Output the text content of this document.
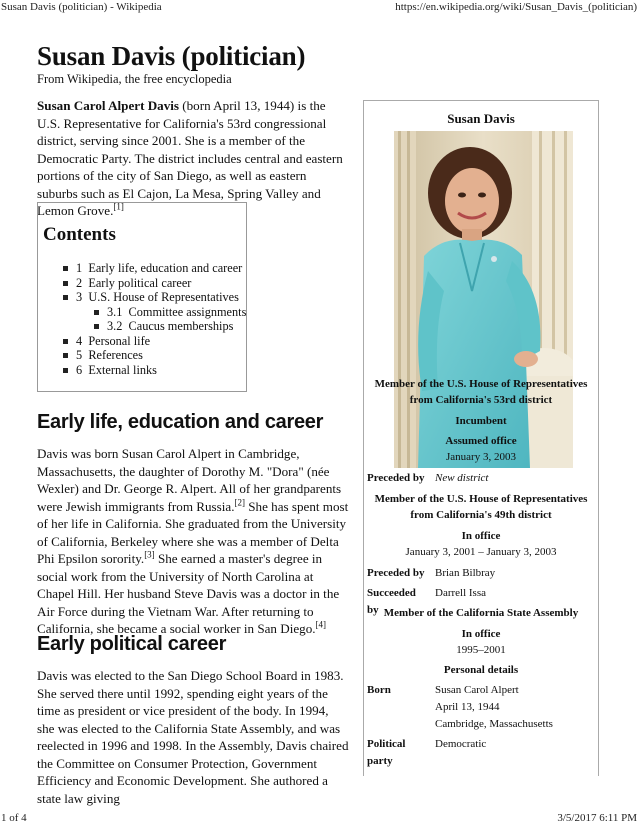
Susan Davis (politician) - Wikipedia	https://en.wikipedia.org/wiki/Susan_Davis_(politician)
1 of 4	3/5/2017 6:11 PM
Susan Davis (politician)
From Wikipedia, the free encyclopedia

Susan Carol Alpert Davis (born April 13, 1944) is the U.S. Representative for California's 53rd congressional district, serving since 2001. She is a member of the Democratic Party. The district includes central and eastern portions of the city of San Diego, as well as eastern suburbs such as El Cajon, La Mesa, Spring Valley and Lemon Grove.[1]

Contents
1 Early life, education and career
2 Early political career
3 U.S. House of Representatives
3.1 Committee assignments
3.2 Caucus memberships
4 Personal life
5 References
6 External links
Early life, education and career

Davis was born Susan Carol Alpert in Cambridge, Massachusetts, the daughter of Dorothy M. "Dora" (née Wexler) and Dr. George R. Alpert. All of her grandparents were Jewish immigrants from Russia.[2] She has spent most of her life in California. She graduated from the University of California, Berkeley where she was a member of Delta Phi Epsilon sorority.[3] She earned a master's degree in social work from the University of North Carolina at Chapel Hill. Her husband Steve Davis was a doctor in the Air Force during the Vietnam War. After returning to California, she became a social worker in San Diego.[4]

Early political career

Davis was elected to the San Diego School Board in 1983. She served there until 1992, spending eight years of the time as president or vice president of the body. In 1994, she was elected to the California State Assembly, and was reelected in 1996 and 1998. In the Assembly, Davis chaired the Committee on Consumer Protection, Government Efficiency and Economic Development. She authored a state law giving

Susan Davis
Member of the U.S. House of Representatives
from California's 53rd district
Incumbent
Assumed office
January 3, 2003
Preceded by New district
Member of the U.S. House of Representatives
from California's 49th district
In office
January 3, 2001 – January 3, 2003
Preceded by Brian Bilbray
Succeeded by
Darrell Issa
Member of the California State Assembly
In office
1995–2001
Personal details
Born	Susan Carol Alpert
April 13, 1944
Cambridge, Massachusetts
Political
party
Democratic
